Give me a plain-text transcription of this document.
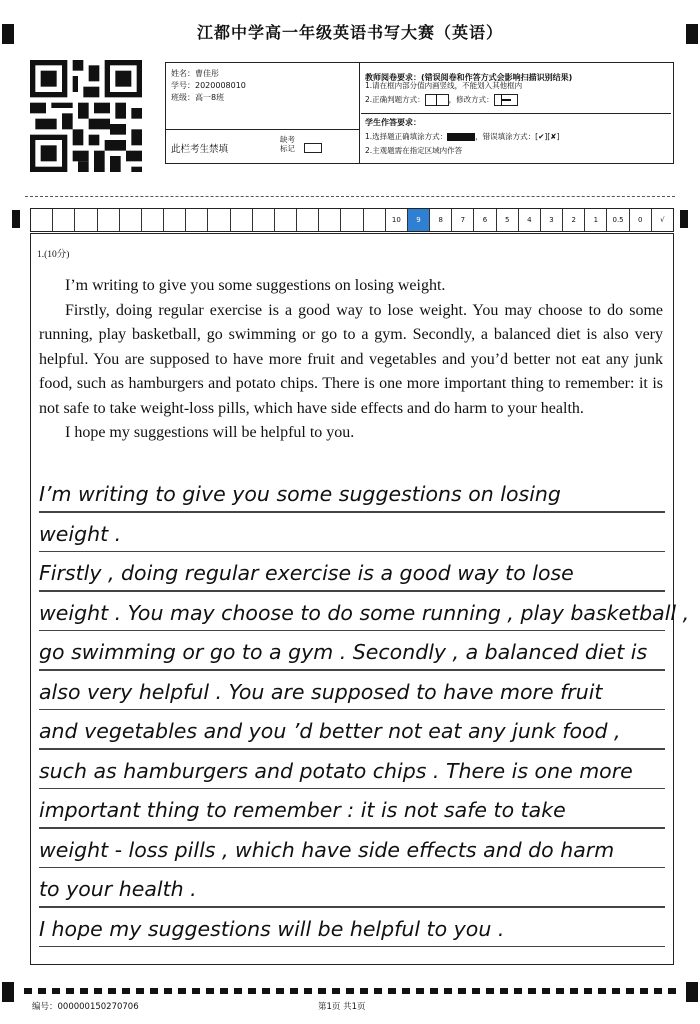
江都中学高一年级英语书写大赛（英语）
姓名：曹佳彤
学号：2020008010
班级：高一8班
此栏考生禁填
缺考标记
教师阅卷要求：(错误阅卷和作答方式会影响扫描识别结果)
1.请在框内部分值内画竖线，不能划入其他框内
2.正确判题方式：	，修改方式：
学生作答要求：
1.选择题正确填涂方式：	，错误填涂方式： [✔][✘]
2.主观题需在指定区域内作答
10	9	8	7	6	5	4	3	2	1	0.5	0	√
1.(10分)

I’m writing to give you some suggestions on losing weight.

Firstly, doing regular exercise is a good way to lose weight. You may choose to do some running, play basketball, go swimming or go to a gym. Secondly, a balanced diet is also very helpful. You are supposed to have more fruit and vegetables and you’d better not eat any junk food, such as hamburgers and potato chips. There is one more important thing to remember: it is not safe to take weight-loss pills, which have side effects and do harm to your health.

I hope my suggestions will be helpful to you.

I’m writing to give you some suggestions on losing
weight .
Firstly , doing regular exercise is a good way to lose
weight . You may choose to do some running , play basketball ,
go swimming or go to a gym . Secondly , a balanced diet is
also very helpful . You are supposed to have more fruit
and vegetables and you ’d better not eat any junk food ,
such as hamburgers and potato chips . There is one more
important thing to remember : it is not safe to take
weight - loss pills , which have side effects and do harm
to your health .
I hope my suggestions will be helpful to you .
编号：000000150270706	第1页 共1页
